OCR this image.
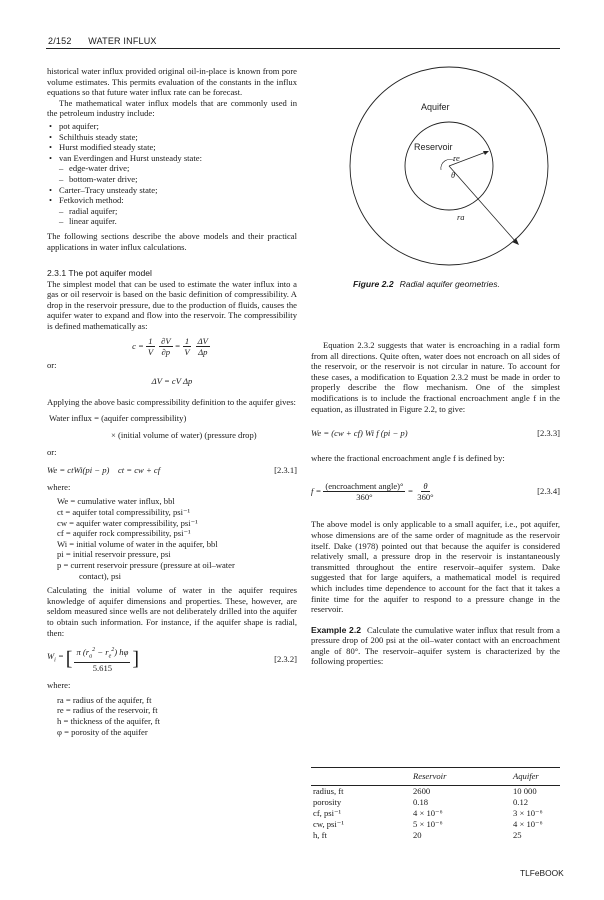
2/152 WATER INFLUX

historical water influx provided original oil-in-place is known from pore volume estimates. This permits evaluation of the constants in the influx equations so that future water influx rate can be forecast.

The mathematical water influx models that are commonly used in the petroleum industry include:

• pot aquifer;
• Schilthuis steady state;
• Hurst modified steady state;
• van Everdingen and Hurst unsteady state:
– edge-water drive;
– bottom-water drive;
• Carter–Tracy unsteady state;
• Fetkovich method:
– radial aquifer;
– linear aquifer.

The following sections describe the above models and their practical applications in water influx calculations.

2.3.1 The pot aquifer model

The simplest model that can be used to estimate the water influx into a gas or oil reservoir is based on the basic definition of compressibility. A drop in the reservoir pressure, due to the production of fluids, causes the aquifer water to expand and flow into the reservoir. The compressibility is defined mathematically as:

$c = \frac{1}{V} \frac{\partial V}{\partial p} = \frac{1}{V} \frac{\Delta V}{\Delta p}$

or:

ΔV = cV Δp

Applying the above basic compressibility definition to the aquifer gives:

Water influx = (aquifer compressibility)
× (initial volume of water) (pressure drop)

or:

We = ctWi(pi − p)    ct = cw + cf	[2.3.1]

where:

We = cumulative water influx, bbl
ct = aquifer total compressibility, psi⁻¹
cw = aquifer water compressibility, psi⁻¹
cf = aquifer rock compressibility, psi⁻¹
Wi = initial volume of water in the aquifer, bbl
pi = initial reservoir pressure, psi
p = current reservoir pressure (pressure at oil–water
contact), psi

Calculating the initial volume of water in the aquifer requires knowledge of aquifer dimensions and properties. These, however, are seldom measured since wells are not deliberately drilled into the aquifer to obtain such information. For instance, if the aquifer shape is radial, then:

$W_i$ = [ $\frac{\pi (r_a^2 - r_e^2) h\varphi}{5.615}$ ]	[2.3.2]

where:

ra = radius of the aquifer, ft
re = radius of the reservoir, ft
h = thickness of the aquifer, ft
φ = porosity of the aquifer
Aquifer
Reservoir
re
θ
ra
Figure 2.2 Radial aquifer geometries.

Equation 2.3.2 suggests that water is encroaching in a radial form from all directions. Quite often, water does not encroach on all sides of the reservoir, or the reservoir is not circular in nature. To account for these cases, a modification to Equation 2.3.2 must be made in order to properly describe the flow mechanism. One of the simplest modifications is to include the fractional encroachment angle f in the equation, as illustrated in Figure 2.2, to give:

We = (cw + cf) Wi f (pi − p)	[2.3.3]

where the fractional encroachment angle f is defined by:

$f = \frac{\text{(encroachment angle)°}}{360^\circ} = \frac{\theta}{360^\circ}$	[2.3.4]

The above model is only applicable to a small aquifer, i.e., pot aquifer, whose dimensions are of the same order of magnitude as the reservoir itself. Dake (1978) pointed out that because the aquifer is considered relatively small, a pressure drop in the reservoir is instantaneously transmitted throughout the entire reservoir–aquifer system. Dake suggested that for large aquifers, a mathematical model is required which includes time dependence to account for the fact that it takes a finite time for the aquifer to respond to a pressure change in the reservoir.

Example 2.2 Calculate the cumulative water influx that result from a pressure drop of 200 psi at the oil–water contact with an encroachment angle of 80°. The reservoir–aquifer system is characterized by the following properties:

	Reservoir	Aquifer
radius, ft	2600	10 000
porosity	0.18	0.12
cf, psi⁻¹	4 × 10⁻⁶	3 × 10⁻⁶
cw, psi⁻¹	5 × 10⁻⁶	4 × 10⁻⁶
h, ft	20	25
TLFeBOOK
